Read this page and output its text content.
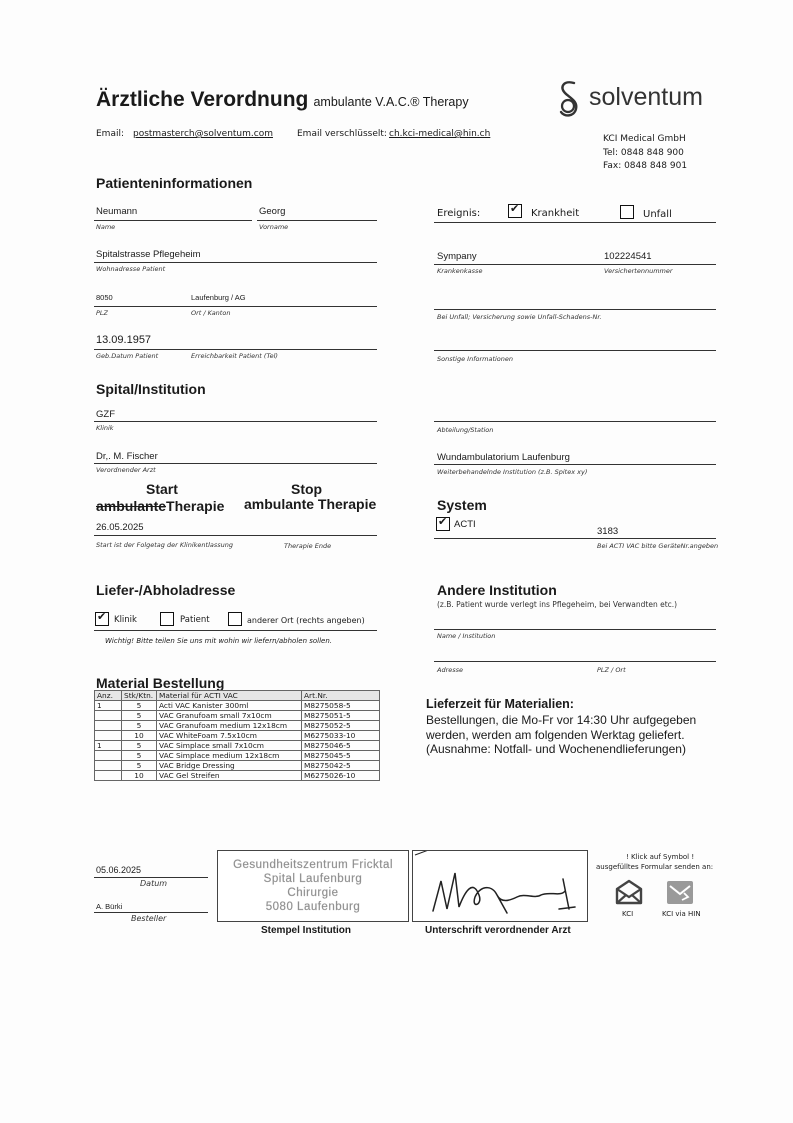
Ärztliche Verordnung ambulante V.A.C.® Therapy	solventum
Email: postmasterch@solventum.com	Email verschlüsselt: ch.kci-medical@hin.ch	KCI Medical GmbH
Tel: 0848 848 900
Fax: 0848 848 901
Patienteninformationen
Neumann
Name
Georg
Vorname
Spitalstrasse Pflegeheim
Wohnadresse Patient
8050	Laufenburg / AG
PLZ	Ort / Kanton
13.09.1957
Geb.Datum Patient	Erreichbarkeit Patient (Tel)
Ereignis: ✔	Krankheit	Unfall
Sympany	102224541
Krankenkasse	Versichertennummer
Bei Unfall; Versicherung sowie Unfall-Schadens-Nr.
Sonstige Informationen
Spital/Institution
GZF
Klinik	Abteilung/Station
Dr,. M. Fischer
Verordnender Arzt
Wundambulatorium Laufenburg
Weiterbehandelnde Institution (z.B. Spitex xy)
Start
ambulanteTherapie
Stop
ambulante Therapie
26.05.2025
Start ist der Folgetag der Klinikentlassung	Therapie Ende
System
✔
ACTI
3183
Bei ACTI VAC bitte GeräteNr.angeben
Liefer-/Abholadresse
✔
Klinik	Patient	anderer Ort (rechts angeben)
Wichtig! Bitte teilen Sie uns mit wohin wir liefern/abholen sollen.
Andere Institution
(z.B. Patient wurde verlegt ins Pflegeheim, bei Verwandten etc.)
Name / Institution
Adresse	PLZ / Ort
Material Bestellung
Anz.	Stk/Ktn.	Material für ACTI VAC	Art.Nr.
1	5	Acti VAC Kanister 300ml	M8275058-5
	5	VAC Granufoam small 7x10cm	M8275051-5
	5	VAC Granufoam medium 12x18cm	M8275052-5
	10	VAC WhiteFoam 7.5x10cm	M6275033-10
1	5	VAC Simplace small 7x10cm	M8275046-5
	5	VAC Simplace medium 12x18cm	M8275045-5
	5	VAC Bridge Dressing	M8275042-5
	10	VAC Gel Streifen	M6275026-10
Lieferzeit für Materialien:
Bestellungen, die Mo-Fr vor 14:30 Uhr aufgegeben
werden, werden am folgenden Werktag geliefert.
(Ausnahme: Notfall- und Wochenendlieferungen)
05.06.2025
Datum
A. Bürki
Besteller
Gesundheitszentrum Fricktal
Spital Laufenburg
Chirurgie
5080 Laufenburg
Stempel Institution	Unterschrift verordnender Arzt
! Klick auf Symbol !
ausgefülltes Formular senden an:
KCI	KCI via HIN
